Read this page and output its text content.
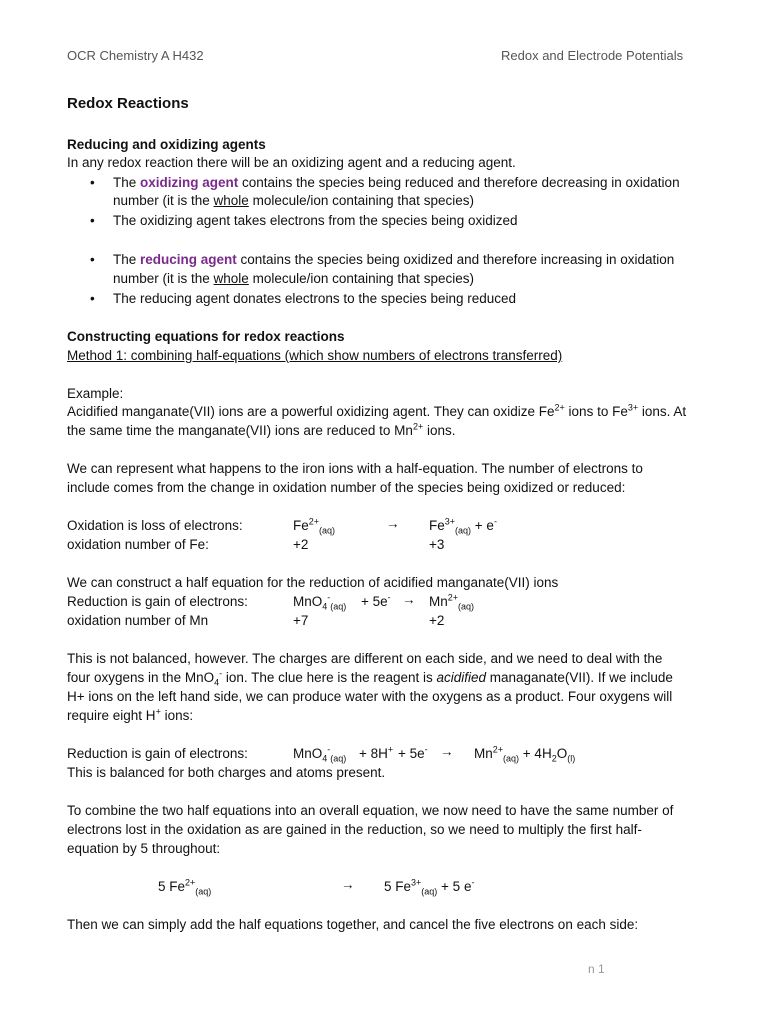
OCR Chemistry A H432	Redox and Electrode Potentials
Redox Reactions
Reducing and oxidizing agents
In any redox reaction there will be an oxidizing agent and a reducing agent.
• The oxidizing agent contains the species being reduced and therefore decreasing in oxidation
number (it is the whole molecule/ion containing that species)
• The oxidizing agent takes electrons from the species being oxidized
• The reducing agent contains the species being oxidized and therefore increasing in oxidation
number (it is the whole molecule/ion containing that species)
• The reducing agent donates electrons to the species being reduced
Constructing equations for redox reactions
Method 1: combining half-equations (which show numbers of electrons transferred)
Example:
Acidified manganate(VII) ions are a powerful oxidizing agent. They can oxidize $Fe^{2+}$ ions to $Fe^{3+}$ ions. At
the same time the manganate(VII) ions are reduced to $Mn^{2+}$ ions.
We can represent what happens to the iron ions with a half-equation. The number of electrons to
include comes from the change in oxidation number of the species being oxidized or reduced:
Oxidation is loss of electrons:	$Fe^{2+}_{(aq)}$	→ $Fe^{3+}_{(aq)} + e^-$
oxidation number of Fe:	+2	+3
We can construct a half equation for the reduction of acidified manganate(VII) ions
Reduction is gain of electrons:	$MnO_4^-_{(aq)} + 5e^- \to Mn^{2+}_{(aq)}$
oxidation number of Mn	+7	+2
This is not balanced, however. The charges are different on each side, and we need to deal with the
four oxygens in the MnO$_4$- ion. The clue here is the reagent is acidified managanate(VII). If we include
H+ ions on the left hand side, we can produce water with the oxygens as a product. Four oxygens will
require eight H+ ions:
Reduction is gain of electrons:	$MnO_4^-_{(aq)} + 8H^+ + 5e^- \to Mn^{2+}_{(aq)} + 4H_2O_{(l)}$
This is balanced for both charges and atoms present.
To combine the two half equations into an overall equation, we now need to have the same number of
electrons lost in the oxidation as are gained in the reduction, so we need to multiply the first half-
equation by 5 throughout:
5 $Fe^{2+}_{(aq)}$	→ 5 $Fe^{3+}_{(aq)} + 5$ e-
Then we can simply add the half equations together, and cancel the five electrons on each side:
n 1
